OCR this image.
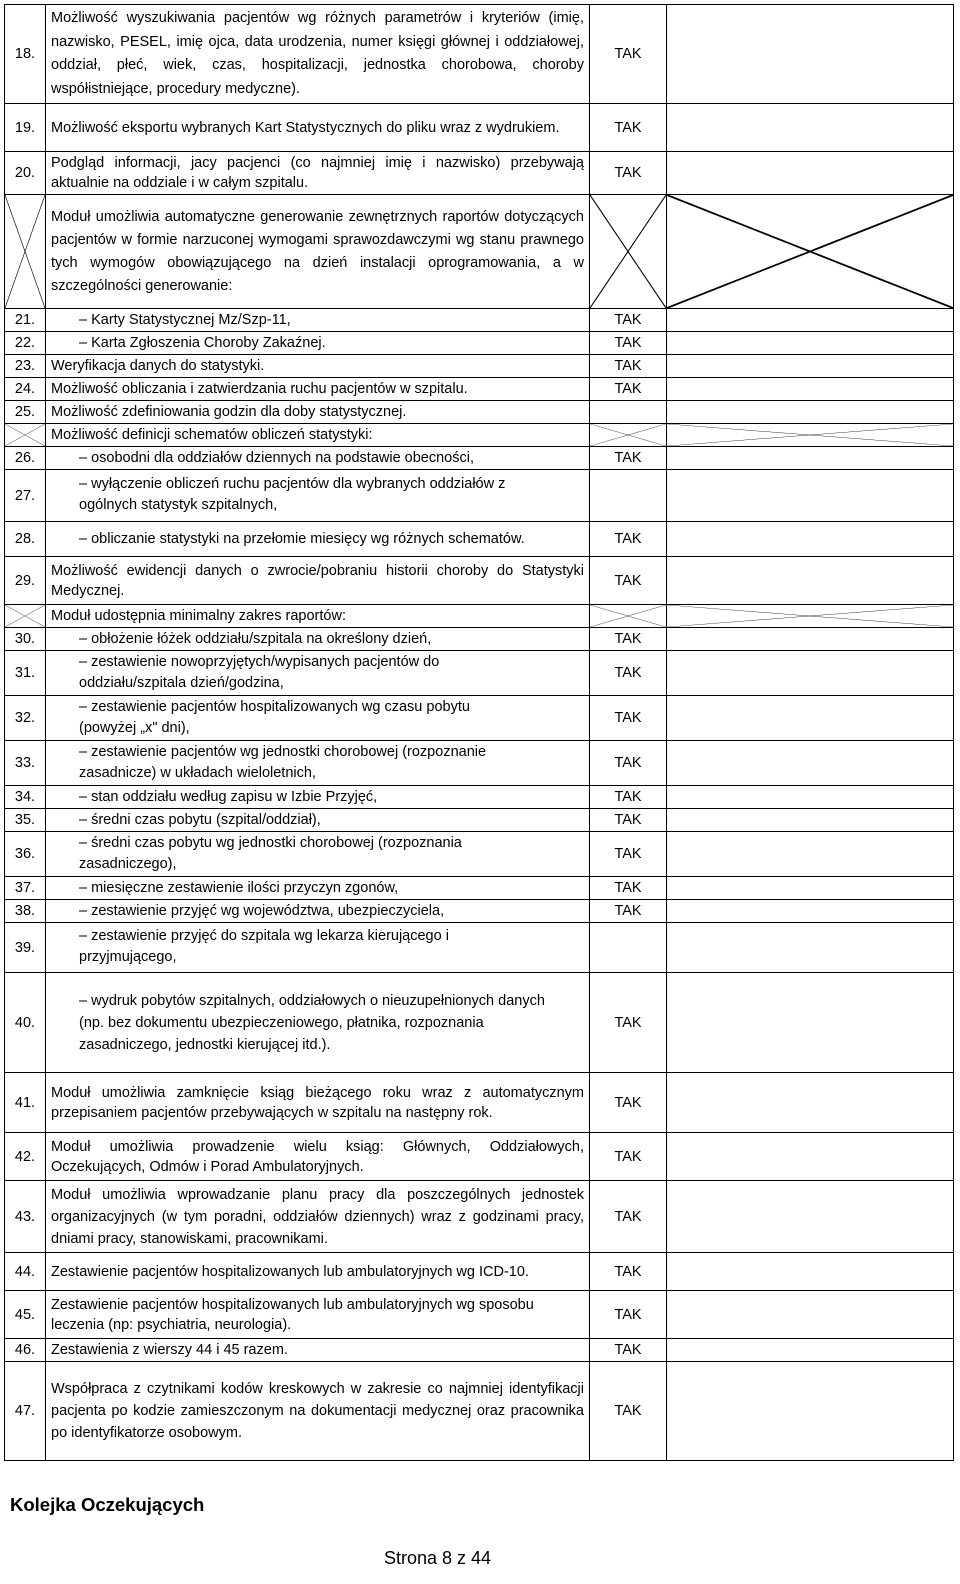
18.	Możliwość wyszukiwania pacjentów wg różnych parametrów i kryteriów (imię, nazwisko, PESEL, imię ojca, data urodzenia, numer księgi głównej i oddziałowej, oddział, płeć, wiek, czas, hospitalizacji, jednostka chorobowa, choroby współistniejące, procedury medyczne).	TAK	
19.	Możliwość eksportu wybranych Kart Statystycznych do pliku wraz z wydrukiem.	TAK	
20.	Podgląd informacji, jacy pacjenci (co najmniej imię i nazwisko) przebywają aktualnie na oddziale i w całym szpitalu.	TAK	

	Moduł umożliwia automatyczne generowanie zewnętrznych raportów dotyczących pacjentów w formie narzuconej wymogami sprawozdawczymi wg stanu prawnego tych wymogów obowiązującego na dzień instalacji oprogramowania, a w szczególności generowanie:	

21.	– Karty Statystycznej Mz/Szp-11,	TAK	
22.	– Karta Zgłoszenia Choroby Zakaźnej.	TAK	
23.	Weryfikacja danych do statystyki.	TAK	
24.	Możliwość obliczania i zatwierdzania ruchu pacjentów w szpitalu.	TAK	
25.	Możliwość zdefiniowania godzin dla doby statystycznej.		

	Możliwość definicji schematów obliczeń statystyki:	

26.	– osobodni dla oddziałów dziennych na podstawie obecności,	TAK	
27.	– wyłączenie obliczeń ruchu pacjentów dla wybranych oddziałów z ogólnych statystyk szpitalnych,

28.	– obliczanie statystyki na przełomie miesięcy wg różnych schematów.	TAK	
29.	Możliwość ewidencji danych o zwrocie/pobraniu historii choroby do Statystyki Medycznej.	TAK	

	Moduł udostępnia minimalny zakres raportów:	

30.	– obłożenie łóżek oddziału/szpitala na określony dzień,	TAK	
31.	– zestawienie nowoprzyjętych/wypisanych pacjentów do oddziału/szpitala dzień/godzina,	TAK	
32.	– zestawienie pacjentów hospitalizowanych wg czasu pobytu (powyżej „x" dni),	TAK	
33.	– zestawienie pacjentów wg jednostki chorobowej (rozpoznanie zasadnicze) w układach wieloletnich,	TAK	
34.	– stan oddziału według zapisu w Izbie Przyjęć,	TAK	
35.	– średni czas pobytu (szpital/oddział),	TAK	
36.	– średni czas pobytu wg jednostki chorobowej (rozpoznania zasadniczego),	TAK	
37.	– miesięczne zestawienie ilości przyczyn zgonów,	TAK	
38.	– zestawienie przyjęć wg województwa, ubezpieczyciela,	TAK	
39.	– zestawienie przyjęć do szpitala wg lekarza kierującego i przyjmującego,

40.	– wydruk pobytów szpitalnych, oddziałowych o nieuzupełnionych danych (np. bez dokumentu ubezpieczeniowego, płatnika, rozpoznania zasadniczego, jednostki kierującej itd.).	TAK	
41.	Moduł umożliwia zamknięcie ksiąg bieżącego roku wraz z automatycznym przepisaniem pacjentów przebywających w szpitalu na następny rok.	TAK	
42.	Moduł umożliwia prowadzenie wielu ksiąg: Głównych, Oddziałowych, Oczekujących, Odmów i Porad Ambulatoryjnych.	TAK	
43.	Moduł umożliwia wprowadzanie planu pracy dla poszczególnych jednostek organizacyjnych (w tym poradni, oddziałów dziennych) wraz z godzinami pracy, dniami pracy, stanowiskami, pracownikami.	TAK	
44.	Zestawienie pacjentów hospitalizowanych lub ambulatoryjnych wg ICD-10.	TAK	
45.	Zestawienie pacjentów hospitalizowanych lub ambulatoryjnych wg sposobu leczenia (np: psychiatria, neurologia).	TAK	
46.	Zestawienia z wierszy 44 i 45 razem.	TAK	
47.	Współpraca z czytnikami kodów kreskowych w zakresie co najmniej identyfikacji pacjenta po kodzie zamieszczonym na dokumentacji medycznej oraz pracownika po identyfikatorze osobowym.	TAK	
Kolejka Oczekujących
Strona 8 z 44
